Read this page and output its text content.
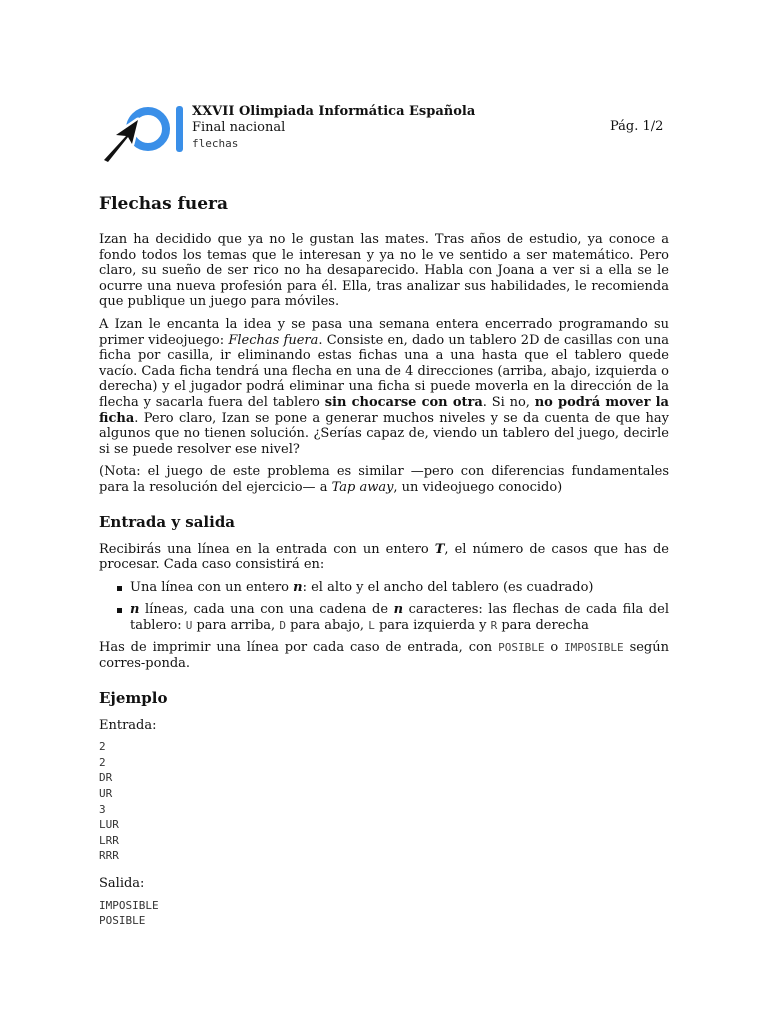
XXVII Olimpiada Informática Española
Final nacional
flechas
Pág. 1/2
Flechas fuera

Izan ha decidido que ya no le gustan las mates. Tras años de estudio, ya conoce a fondo todos los temas que le interesan y ya no le ve sentido a ser matemático. Pero claro, su sueño de ser rico no ha desaparecido. Habla con Joana a ver si a ella se le ocurre una nueva profesión para él. Ella, tras analizar sus habilidades, le recomienda que publique un juego para móviles.

A Izan le encanta la idea y se pasa una semana entera encerrado programando su primer videojuego: Flechas fuera. Consiste en, dado un tablero 2D de casillas con una ficha por casilla, ir eliminando estas fichas una a una hasta que el tablero quede vacío. Cada ficha tendrá una flecha en una de 4 direcciones (arriba, abajo, izquierda o derecha) y el jugador podrá eliminar una ficha si puede moverla en la dirección de la flecha y sacarla fuera del tablero sin chocarse con otra. Si no, no podrá mover la ficha. Pero claro, Izan se pone a generar muchos niveles y se da cuenta de que hay algunos que no tienen solución. ¿Serías capaz de, viendo un tablero del juego, decirle si se puede resolver ese nivel?

(Nota: el juego de este problema es similar —pero con diferencias fundamentales para la resolución del ejercicio— a Tap away, un videojuego conocido)

Entrada y salida

Recibirás una línea en la entrada con un entero T, el número de casos que has de procesar. Cada caso consistirá en:

Una línea con un entero n: el alto y el ancho del tablero (es cuadrado)
n líneas, cada una con una cadena de n caracteres: las flechas de cada fila del tablero: U para arriba, D para abajo, L para izquierda y R para derecha

Has de imprimir una línea por cada caso de entrada, con POSIBLE o IMPOSIBLE según corres-ponda.

Ejemplo
Entrada:
2
2
DR
UR
3
LUR
LRR
RRR
Salida:
IMPOSIBLE
POSIBLE
